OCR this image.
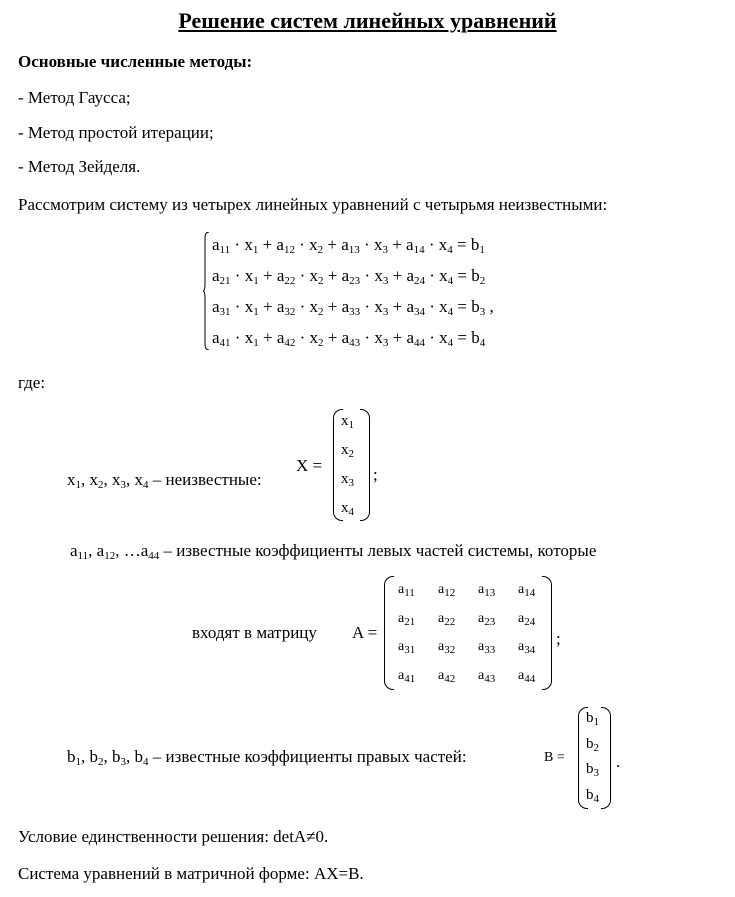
Решение систем линейных уравнений
Основные численные методы:
- Метод Гаусса;
- Метод простой итерации;
- Метод Зейделя.
Рассмотрим систему из четырех линейных уравнений с четырьмя неизвестными:
$a_{11} \cdot x_1 + a_{12} \cdot x_2 + a_{13} \cdot x_3 + a_{14} \cdot x_4 = b_1$
$a_{21} \cdot x_1 + a_{22} \cdot x_2 + a_{23} \cdot x_3 + a_{24} \cdot x_4 = b_2$
$a_{31} \cdot x_1 + a_{32} \cdot x_2 + a_{33} \cdot x_3 + a_{34} \cdot x_4 = b_3$ ,
$a_{41} \cdot x_1 + a_{42} \cdot x_2 + a_{43} \cdot x_3 + a_{44} \cdot x_4 = b_4$
где:
$x_1$, $x_2$, $x_3$, $x_4$ – неизвестные:
X =
$x_1$
$x_2$
$x_3$
$x_4$
;
$a_{11}$, $a_{12}$, $\dots a_{44}$ – известные коэффициенты левых частей системы, которые
входят в матрицу A =
$a_{11}$ $a_{12}$ $a_{13}$ $a_{14}$
$a_{21}$ $a_{22}$ $a_{23}$ $a_{24}$
$a_{31}$ $a_{32}$ $a_{33}$ $a_{34}$
$a_{41}$ $a_{42}$ $a_{43}$ $a_{44}$
;
$b_1$, $b_2$, $b_3$, $b_4$ – известные коэффициенты правых частей:	B =
$b_1$
$b_2$
$b_3$
$b_4$
.
Условие единственности решения: detA≠0.
Система уравнений в матричной форме: AX=B.
